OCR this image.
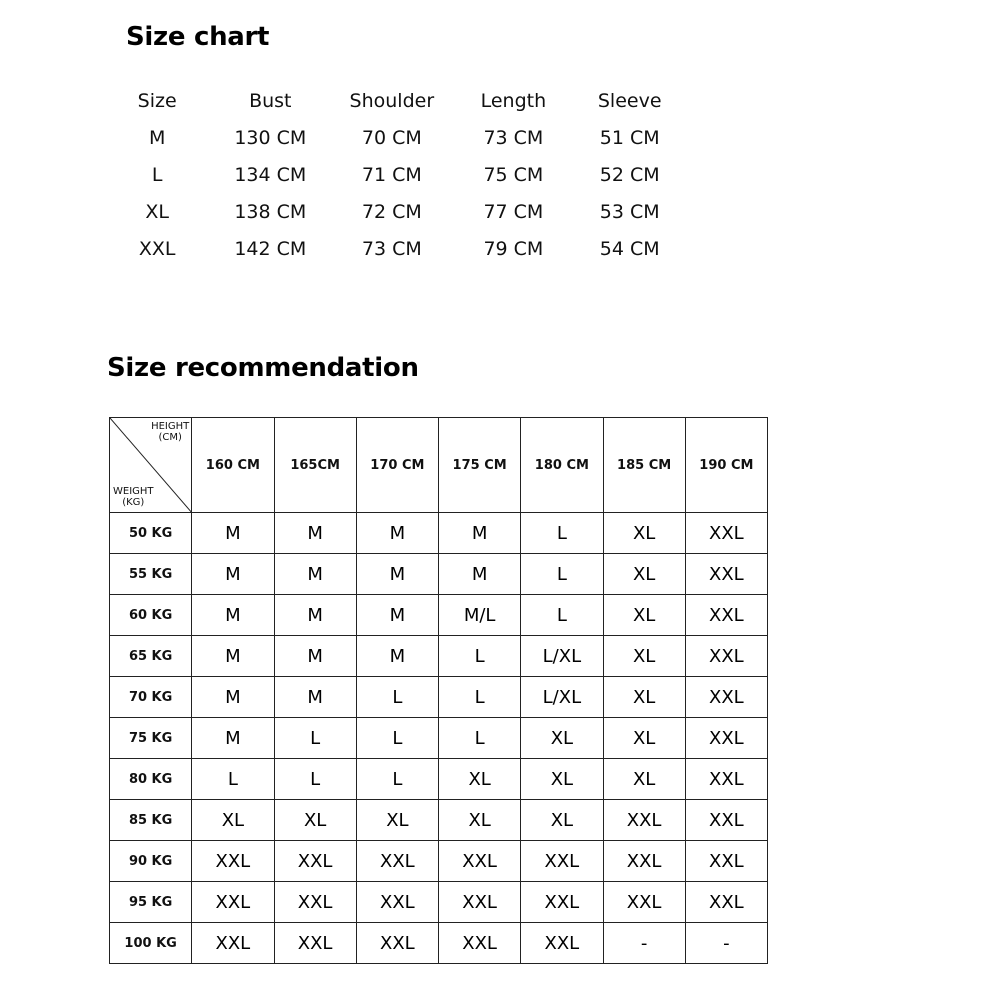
Size chart
Size	Bust	Shoulder	Length	Sleeve
M	130 CM	70 CM	73 CM	51 CM
L	134 CM	71 CM	75 CM	52 CM
XL	138 CM	72 CM	77 CM	53 CM
XXL	142 CM	73 CM	79 CM	54 CM
Size recommendation
HEIGHT
(CM)
WEIGHT
(KG)	160 CM	165CM	170 CM	175 CM	180 CM	185 CM	190 CM
50 KG	M	M	M	M	L	XL	XXL
55 KG	M	M	M	M	L	XL	XXL
60 KG	M	M	M	M/L	L	XL	XXL
65 KG	M	M	M	L	L/XL	XL	XXL
70 KG	M	M	L	L	L/XL	XL	XXL
75 KG	M	L	L	L	XL	XL	XXL
80 KG	L	L	L	XL	XL	XL	XXL
85 KG	XL	XL	XL	XL	XL	XXL	XXL
90 KG	XXL	XXL	XXL	XXL	XXL	XXL	XXL
95 KG	XXL	XXL	XXL	XXL	XXL	XXL	XXL
100 KG	XXL	XXL	XXL	XXL	XXL	-	-
